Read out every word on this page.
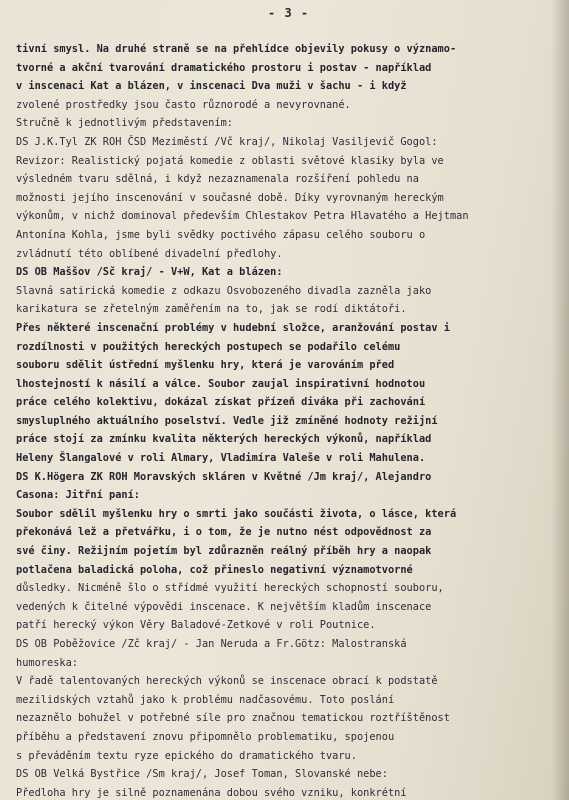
- 3 -
tivní smysl. Na druhé straně se na přehlídce objevily pokusy o významo-
tvorné a akční tvarování dramatického prostoru i postav - například
v inscenaci Kat a blázen, v inscenaci Dva muži v šachu - i když
zvolené prostředky jsou často různorodé a nevyrovnané.
Stručně k jednotlivým představením:
DS J.K.Tyl ZK ROH ČSD Meziměstí /Vč kraj/, Nikolaj Vasiljevič Gogol:
Revizor: Realistický pojatá komedie z oblasti světové klasiky byla ve
výsledném tvaru sdělná, i když nezaznamenala rozšíření pohledu na
možnosti jejího inscenování v současné době. Díky vyrovnaným hereckým
výkonům, v nichž dominoval především Chlestakov Petra Hlavatého a Hejtman
Antonína Kohla, jsme byli svědky poctivého zápasu celého souboru o
zvládnutí této oblíbené divadelní předlohy.
DS OB Maššov /Sč kraj/ - V+W, Kat a blázen:
Slavná satirická komedie z odkazu Osvobozeného divadla zazněla jako
karikatura se zřetelným zaměřením na to, jak se rodí diktátoři.
Přes některé inscenační problémy v hudební složce, aranžování postav i
rozdílnosti v použitých hereckých postupech se podařilo celému
souboru sdělit ústřední myšlenku hry, která je varováním před
lhostejností k násilí a válce. Soubor zaujal inspirativní hodnotou
práce celého kolektivu, dokázal získat přízeň diváka při zachování
smysluplného aktuálního poselství. Vedle již zmíněné hodnoty režijní
práce stojí za zmínku kvalita některých hereckých výkonů, například
Heleny Šlangalové v roli Almary, Vladimíra Valeše v roli Mahulena.
DS K.Högera ZK ROH Moravských skláren v Květné /Jm kraj/, Alejandro
Casona: Jitřní paní:
Soubor sdělil myšlenku hry o smrti jako součásti života, o lásce, která
překonává lež a přetvářku, i o tom, že je nutno nést odpovědnost za
své činy. Režijním pojetím byl zdůrazněn reálný příběh hry a naopak
potlačena baladická poloha, což přineslo negativní významotvorné
důsledky. Nicméně šlo o střídmé využití hereckých schopností souboru,
vedených k čitelné výpovědi inscenace. K největším kladům inscenace
patří herecký výkon Věry Baladové-Zetkové v roli Poutnice.
DS OB Poběžovice /Zč kraj/ - Jan Neruda a Fr.Götz: Malostranská
humoreska:
V řadě talentovaných hereckých výkonů se inscenace obrací k podstatě
mezilidských vztahů jako k problému nadčasovému. Toto poslání
nezaznělo bohužel v potřebné síle pro značnou tematickou roztříštěnost
příběhu a představení znovu připomnělo problematiku, spojenou
s převáděním textu ryze epického do dramatického tvaru.
DS OB Velká Bystřice /Sm kraj/, Josef Toman, Slovanské nebe:
Předloha hry je silně poznamenána dobou svého vzniku, konkrétní
